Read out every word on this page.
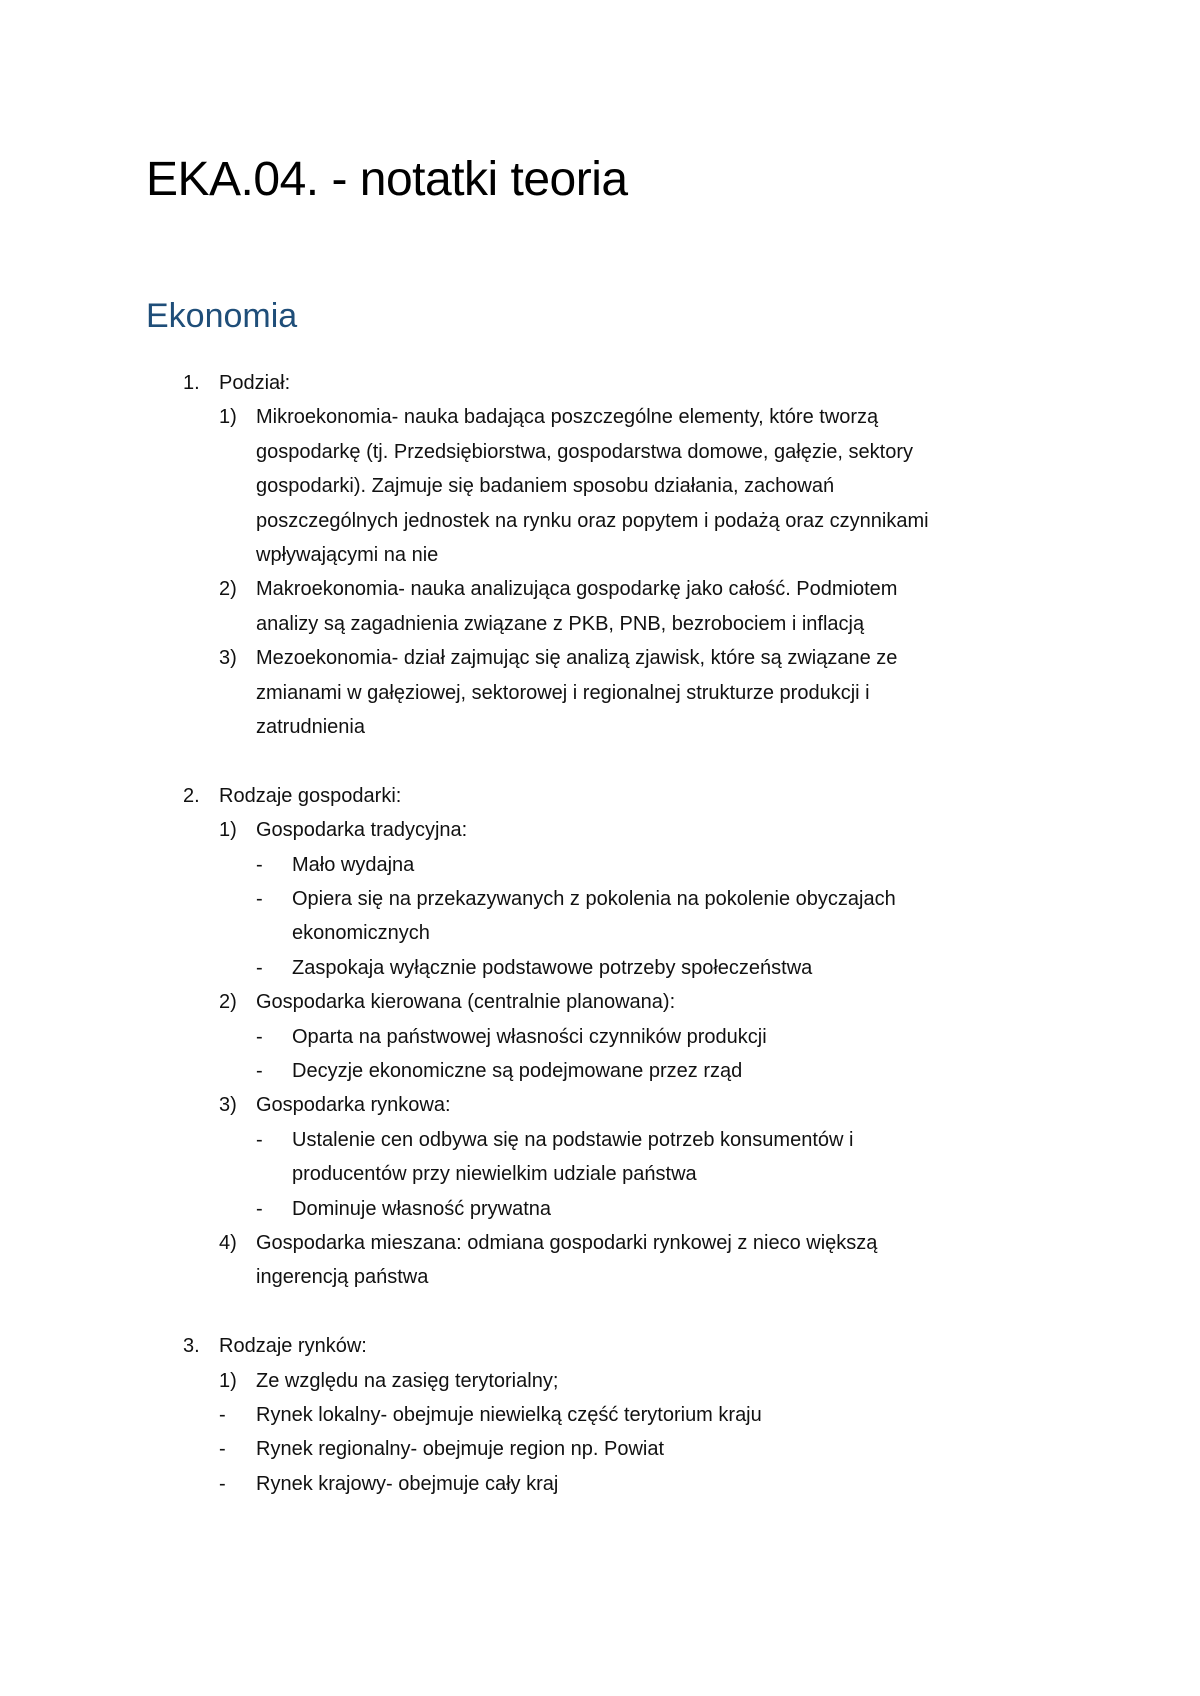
EKA.04. - notatki teoria
Ekonomia
1. Podział:
1) Mikroekonomia- nauka badająca poszczególne elementy, które tworzą
gospodarkę (tj. Przedsiębiorstwa, gospodarstwa domowe, gałęzie, sektory
gospodarki). Zajmuje się badaniem sposobu działania, zachowań
poszczególnych jednostek na rynku oraz popytem i podażą oraz czynnikami
wpływającymi na nie
2) Makroekonomia- nauka analizująca gospodarkę jako całość. Podmiotem
analizy są zagadnienia związane z PKB, PNB, bezrobociem i inflacją
3) Mezoekonomia- dział zajmując się analizą zjawisk, które są związane ze
zmianami w gałęziowej, sektorowej i regionalnej strukturze produkcji i
zatrudnienia
2. Rodzaje gospodarki:
1) Gospodarka tradycyjna:
- Mało wydajna
- Opiera się na przekazywanych z pokolenia na pokolenie obyczajach
ekonomicznych
- Zaspokaja wyłącznie podstawowe potrzeby społeczeństwa
2) Gospodarka kierowana (centralnie planowana):
- Oparta na państwowej własności czynników produkcji
- Decyzje ekonomiczne są podejmowane przez rząd
3) Gospodarka rynkowa:
- Ustalenie cen odbywa się na podstawie potrzeb konsumentów i
producentów przy niewielkim udziale państwa
- Dominuje własność prywatna
4) Gospodarka mieszana: odmiana gospodarki rynkowej z nieco większą
ingerencją państwa
3. Rodzaje rynków:
1) Ze względu na zasięg terytorialny;
- Rynek lokalny- obejmuje niewielką część terytorium kraju
- Rynek regionalny- obejmuje region np. Powiat
- Rynek krajowy- obejmuje cały kraj
